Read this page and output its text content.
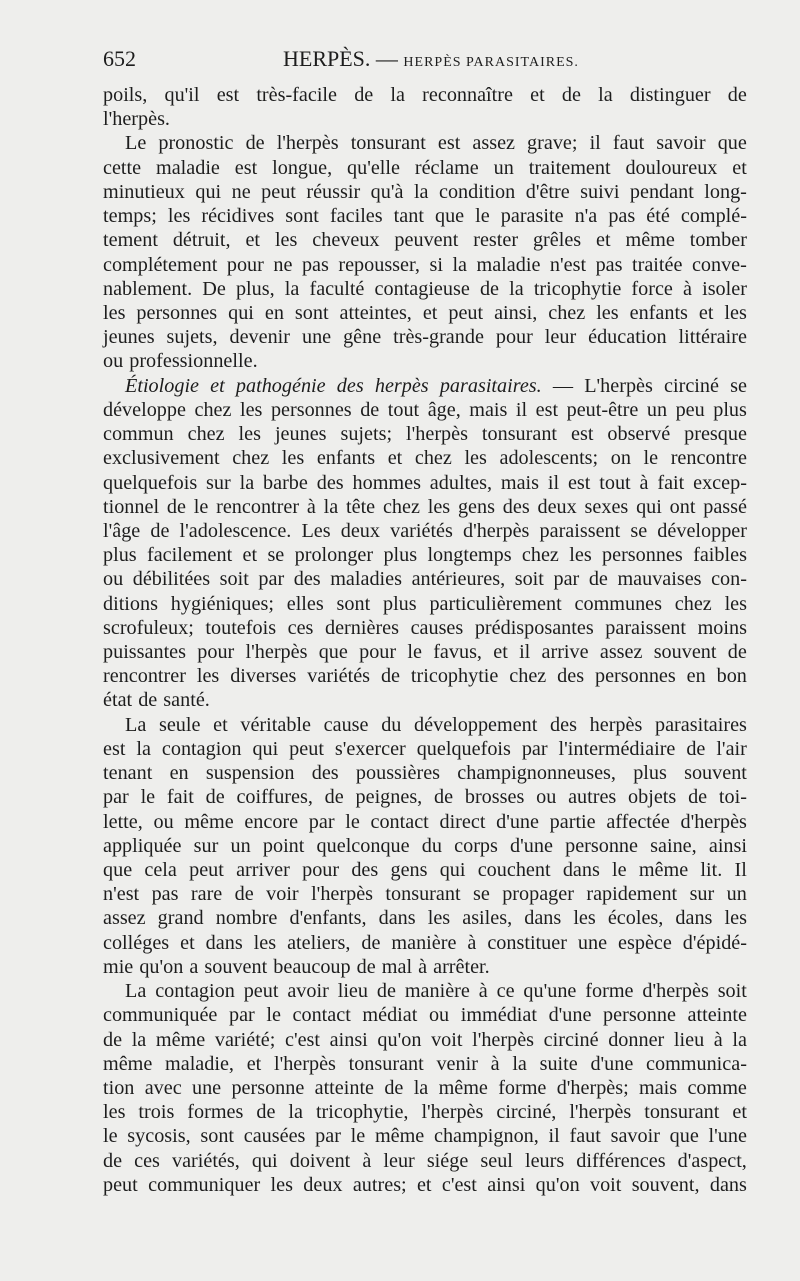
652	HERPÈS. — HERPÈS PARASITAIRES.
poils, qu'il est très-facile de la reconnaître et de la distinguer de
l'herpès.
Le pronostic de l'herpès tonsurant est assez grave; il faut savoir que
cette maladie est longue, qu'elle réclame un traitement douloureux et
minutieux qui ne peut réussir qu'à la condition d'être suivi pendant long-
temps; les récidives sont faciles tant que le parasite n'a pas été complé-
tement détruit, et les cheveux peuvent rester grêles et même tomber
complétement pour ne pas repousser, si la maladie n'est pas traitée conve-
nablement. De plus, la faculté contagieuse de la tricophytie force à isoler
les personnes qui en sont atteintes, et peut ainsi, chez les enfants et les
jeunes sujets, devenir une gêne très-grande pour leur éducation littéraire
ou professionnelle.
Étiologie et pathogénie des herpès parasitaires. — L'herpès circiné se
développe chez les personnes de tout âge, mais il est peut-être un peu plus
commun chez les jeunes sujets; l'herpès tonsurant est observé presque
exclusivement chez les enfants et chez les adolescents; on le rencontre
quelquefois sur la barbe des hommes adultes, mais il est tout à fait excep-
tionnel de le rencontrer à la tête chez les gens des deux sexes qui ont passé
l'âge de l'adolescence. Les deux variétés d'herpès paraissent se développer
plus facilement et se prolonger plus longtemps chez les personnes faibles
ou débilitées soit par des maladies antérieures, soit par de mauvaises con-
ditions hygiéniques; elles sont plus particulièrement communes chez les
scrofuleux; toutefois ces dernières causes prédisposantes paraissent moins
puissantes pour l'herpès que pour le favus, et il arrive assez souvent de
rencontrer les diverses variétés de tricophytie chez des personnes en bon
état de santé.
La seule et véritable cause du développement des herpès parasitaires
est la contagion qui peut s'exercer quelquefois par l'intermédiaire de l'air
tenant en suspension des poussières champignonneuses, plus souvent
par le fait de coiffures, de peignes, de brosses ou autres objets de toi-
lette, ou même encore par le contact direct d'une partie affectée d'herpès
appliquée sur un point quelconque du corps d'une personne saine, ainsi
que cela peut arriver pour des gens qui couchent dans le même lit. Il
n'est pas rare de voir l'herpès tonsurant se propager rapidement sur un
assez grand nombre d'enfants, dans les asiles, dans les écoles, dans les
colléges et dans les ateliers, de manière à constituer une espèce d'épidé-
mie qu'on a souvent beaucoup de mal à arrêter.
La contagion peut avoir lieu de manière à ce qu'une forme d'herpès soit
communiquée par le contact médiat ou immédiat d'une personne atteinte
de la même variété; c'est ainsi qu'on voit l'herpès circiné donner lieu à la
même maladie, et l'herpès tonsurant venir à la suite d'une communica-
tion avec une personne atteinte de la même forme d'herpès; mais comme
les trois formes de la tricophytie, l'herpès circiné, l'herpès tonsurant et
le sycosis, sont causées par le même champignon, il faut savoir que l'une
de ces variétés, qui doivent à leur siége seul leurs différences d'aspect,
peut communiquer les deux autres; et c'est ainsi qu'on voit souvent, dans
